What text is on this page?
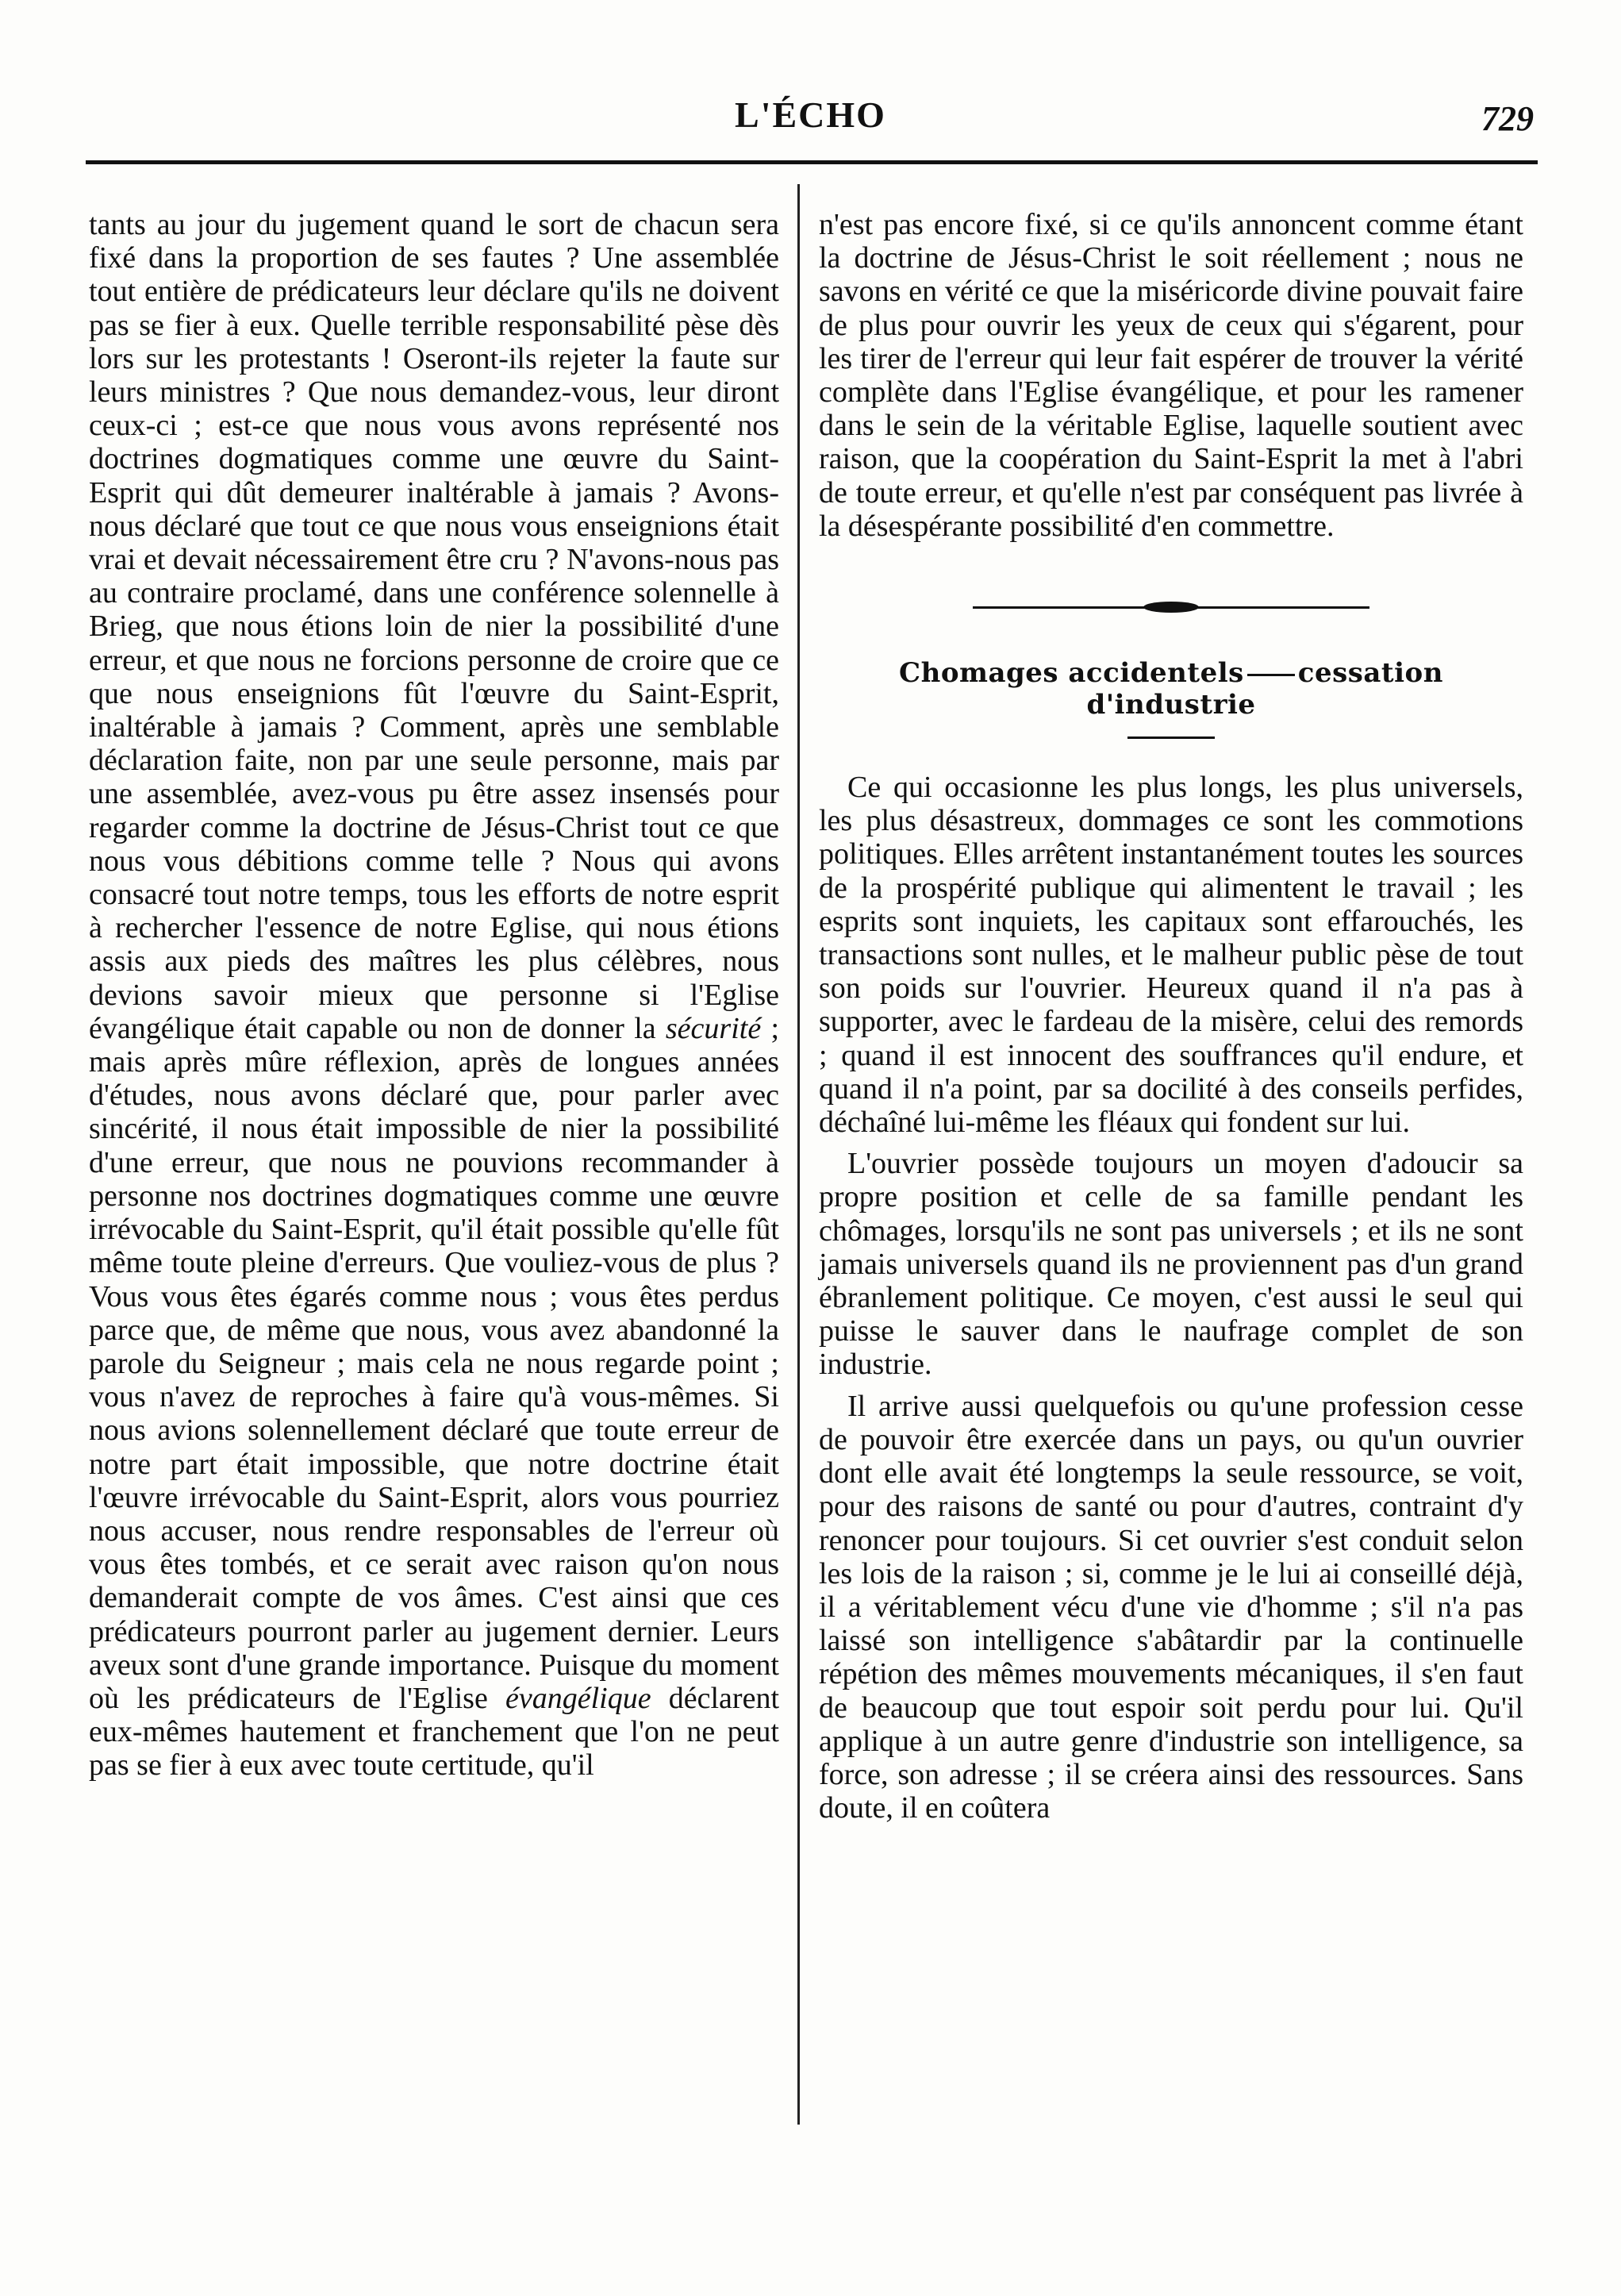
L'ÉCHO	729

tants au jour du jugement quand le sort de chacun sera fixé dans la proportion de ses fautes ? Une assemblée tout entière de prédicateurs leur déclare qu'ils ne doivent pas se fier à eux. Quelle terrible responsabilité pèse dès lors sur les protestants ! Oseront-ils rejeter la faute sur leurs ministres ? Que nous demandez-vous, leur diront ceux-ci ; est-ce que nous vous avons représenté nos doctrines dogmatiques comme une œuvre du Saint-Esprit qui dût demeurer inaltérable à jamais ? Avons-nous déclaré que tout ce que nous vous enseignions était vrai et devait nécessairement être cru ? N'avons-nous pas au contraire proclamé, dans une conférence solennelle à Brieg, que nous étions loin de nier la possibilité d'une erreur, et que nous ne forcions personne de croire que ce que nous enseignions fût l'œuvre du Saint-Esprit, inaltérable à jamais ? Comment, après une semblable déclaration faite, non par une seule personne, mais par une assemblée, avez-vous pu être assez insensés pour regarder comme la doctrine de Jésus-Christ tout ce que nous vous débitions comme telle ? Nous qui avons consacré tout notre temps, tous les efforts de notre esprit à rechercher l'essence de notre Eglise, qui nous étions assis aux pieds des maîtres les plus célèbres, nous devions savoir mieux que personne si l'Eglise évangélique était capable ou non de donner la sécurité ; mais après mûre réflexion, après de longues années d'études, nous avons déclaré que, pour parler avec sincérité, il nous était impossible de nier la possibilité d'une erreur, que nous ne pouvions recommander à personne nos doctrines dogmatiques comme une œuvre irrévocable du Saint-Esprit, qu'il était possible qu'elle fût même toute pleine d'erreurs. Que vouliez-vous de plus ? Vous vous êtes égarés comme nous ; vous êtes perdus parce que, de même que nous, vous avez abandonné la parole du Seigneur ; mais cela ne nous regarde point ; vous n'avez de reproches à faire qu'à vous-mêmes. Si nous avions solennellement déclaré que toute erreur de notre part était impossible, que notre doctrine était l'œuvre irrévocable du Saint-Esprit, alors vous pourriez nous accuser, nous rendre responsables de l'erreur où vous êtes tombés, et ce serait avec raison qu'on nous demanderait compte de vos âmes. C'est ainsi que ces prédicateurs pourront parler au jugement dernier. Leurs aveux sont d'une grande importance. Puisque du moment où les prédicateurs de l'Eglise évangélique déclarent eux-mêmes hautement et franchement que l'on ne peut pas se fier à eux avec toute certitude, qu'il

n'est pas encore fixé, si ce qu'ils annoncent comme étant la doctrine de Jésus-Christ le soit réellement ; nous ne savons en vérité ce que la miséricorde divine pouvait faire de plus pour ouvrir les yeux de ceux qui s'égarent, pour les tirer de l'erreur qui leur fait espérer de trouver la vérité complète dans l'Eglise évangélique, et pour les ramener dans le sein de la véritable Eglise, laquelle soutient avec raison, que la coopération du Saint-Esprit la met à l'abri de toute erreur, et qu'elle n'est par conséquent pas livrée à la désespérante possibilité d'en commettre.

Chomages accidentels cessation
d'industrie

Ce qui occasionne les plus longs, les plus universels, les plus désastreux, dommages ce sont les commotions politiques. Elles arrêtent instantanément toutes les sources de la prospérité publique qui alimentent le travail ; les esprits sont inquiets, les capitaux sont effarouchés, les transactions sont nulles, et le malheur public pèse de tout son poids sur l'ouvrier. Heureux quand il n'a pas à supporter, avec le fardeau de la misère, celui des remords ; quand il est innocent des souffrances qu'il endure, et quand il n'a point, par sa docilité à des conseils perfides, déchaîné lui-même les fléaux qui fondent sur lui.

L'ouvrier possède toujours un moyen d'adoucir sa propre position et celle de sa famille pendant les chômages, lorsqu'ils ne sont pas universels ; et ils ne sont jamais universels quand ils ne proviennent pas d'un grand ébranlement politique. Ce moyen, c'est aussi le seul qui puisse le sauver dans le naufrage complet de son industrie.

Il arrive aussi quelquefois ou qu'une profession cesse de pouvoir être exercée dans un pays, ou qu'un ouvrier dont elle avait été longtemps la seule ressource, se voit, pour des raisons de santé ou pour d'autres, contraint d'y renoncer pour toujours. Si cet ouvrier s'est conduit selon les lois de la raison ; si, comme je le lui ai conseillé déjà, il a véritablement vécu d'une vie d'homme ; s'il n'a pas laissé son intelligence s'abâtardir par la continuelle répétion des mêmes mouvements mécaniques, il s'en faut de beaucoup que tout espoir soit perdu pour lui. Qu'il applique à un autre genre d'industrie son intelligence, sa force, son adresse ; il se créera ainsi des ressources. Sans doute, il en coûtera
